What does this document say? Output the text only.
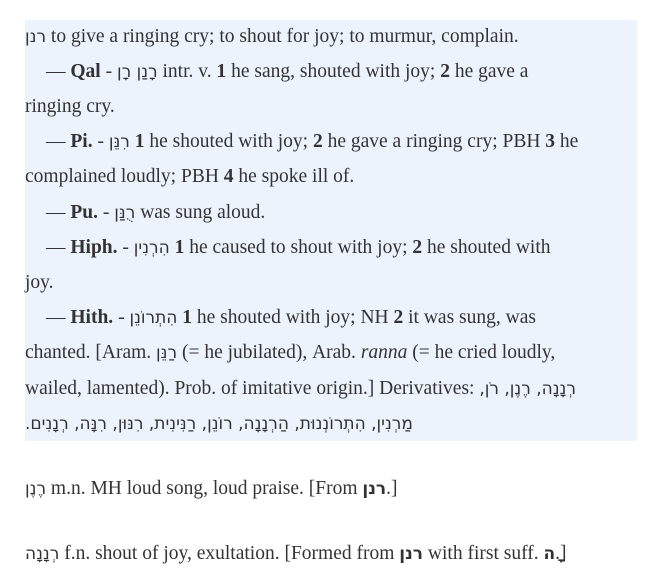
רנן to give a ringing cry; to shout for joy; to murmur, complain.
— Qal - רָנַן רָן intr. v. 1 he sang, shouted with joy; 2 he gave a
ringing cry.
— Pi. - רִנֵּן 1 he shouted with joy; 2 he gave a ringing cry; PBH 3 he
complained loudly; PBH 4 he spoke ill of.
— Pu. - רֻנַּן was sung aloud.
— Hiph. - הִרְנִין 1 he caused to shout with joy; 2 he shouted with
joy.
— Hith. - הִתְרוֹנֵן 1 he shouted with joy; NH 2 it was sung, was
chanted. [Aram. רַנֵּן (= he jubilated), Arab. ranna (= he cried loudly,
wailed, lamented). Prob. of imitative origin.] Derivatives: רְנָנָה, רֶנֶן, רֹן,
מַרְנִין, הִתְרוֹנְנוּת, הַרְנָנָה, רוֹנֵן, רַנִּינִית, רִנּוּן, רִנָּה, רְנָנִים.
רֶנֶן m.n. MH loud song, loud praise. [From רנן.]
רְנָנָה f.n. shout of joy, exultation. [Formed from רנן with first suff. ָה.]
